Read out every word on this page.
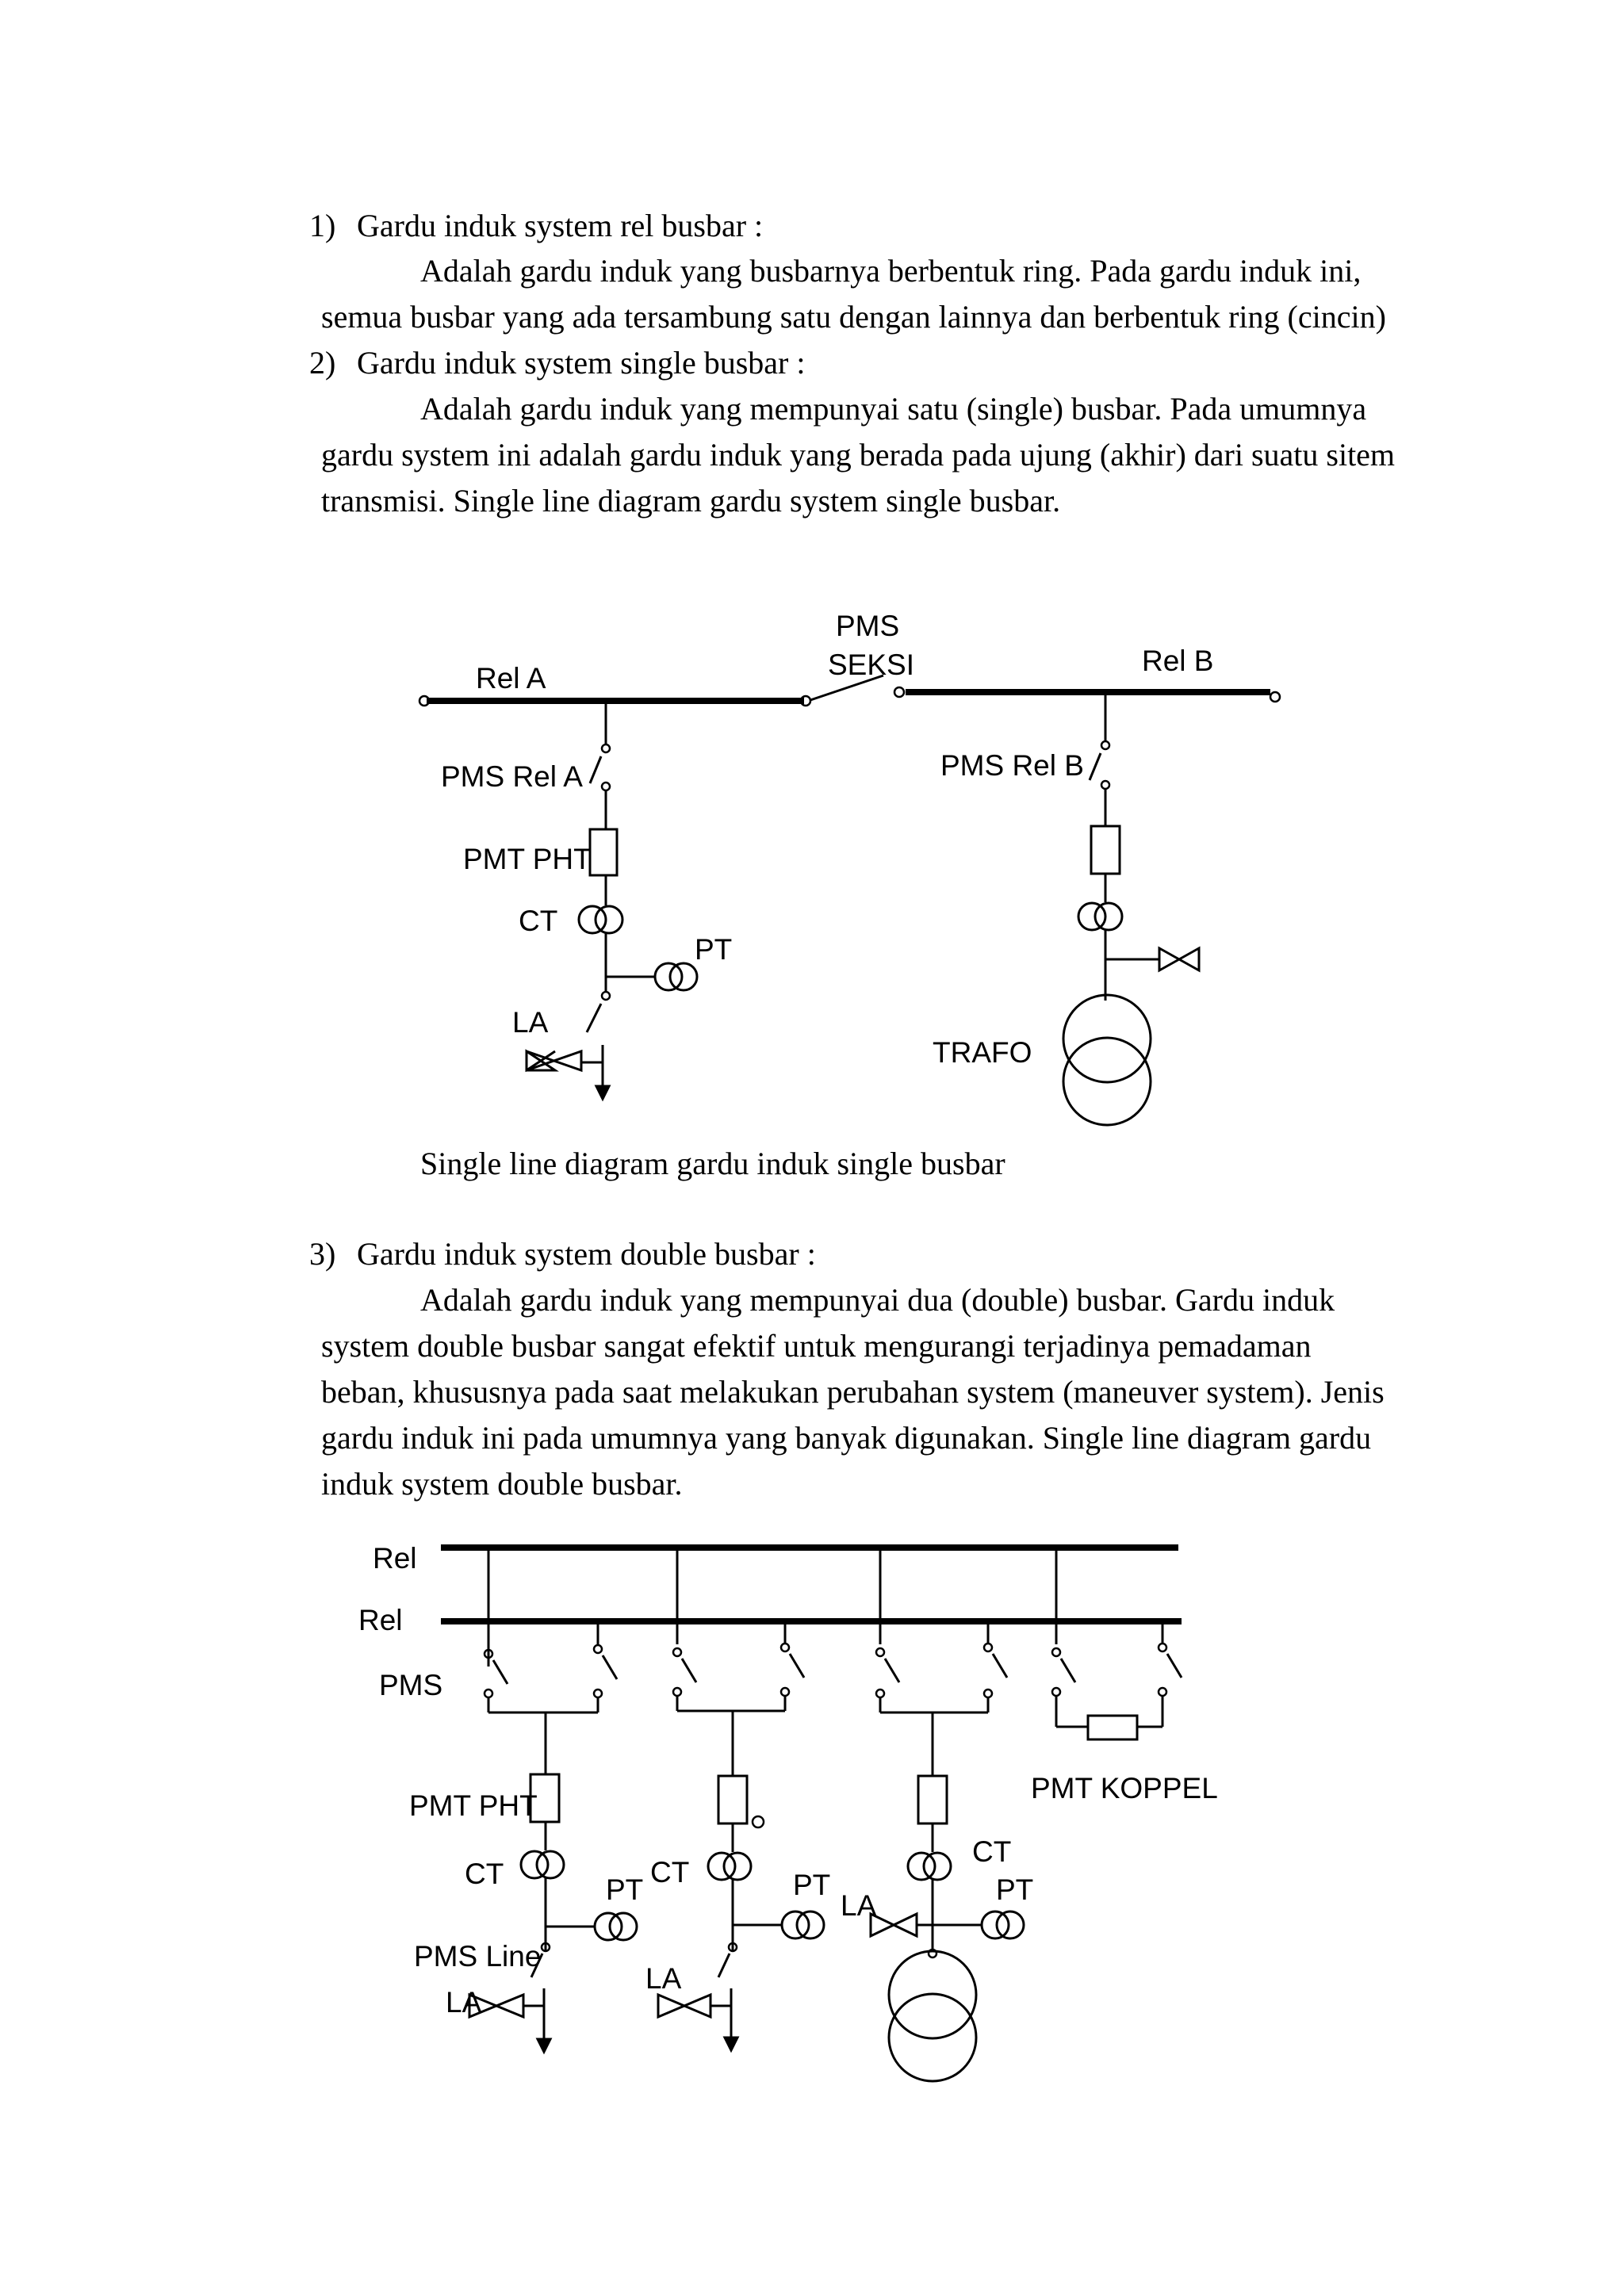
1) Gardu induk system rel busbar :
Adalah gardu induk yang busbarnya berbentuk ring. Pada gardu induk ini,
semua busbar yang ada tersambung satu dengan lainnya dan berbentuk ring (cincin)
2) Gardu induk system single busbar :
Adalah gardu induk yang mempunyai satu (single) busbar. Pada umumnya
gardu system ini adalah gardu induk yang berada pada ujung (akhir) dari suatu sitem
transmisi. Single line diagram gardu system single busbar.
Single line diagram gardu induk single busbar
3) Gardu induk system double busbar :
Adalah gardu induk yang mempunyai dua (double) busbar. Gardu induk
system double busbar sangat efektif untuk mengurangi terjadinya pemadaman
beban, khususnya pada saat melakukan perubahan system (maneuver system). Jenis
gardu induk ini pada umumnya yang banyak digunakan. Single line diagram gardu
induk system double busbar.
Rel A
PMS
SEKSI	Rel B
PMS Rel A	PMS Rel B
PMT PHT
CT
PT
LA
TRAFO
Rel
Rel
PMS
PMT KOPPEL
PMT PHT
CT	PT
CT	PT
LA
CT
PT
PMS Line
LA
LA
